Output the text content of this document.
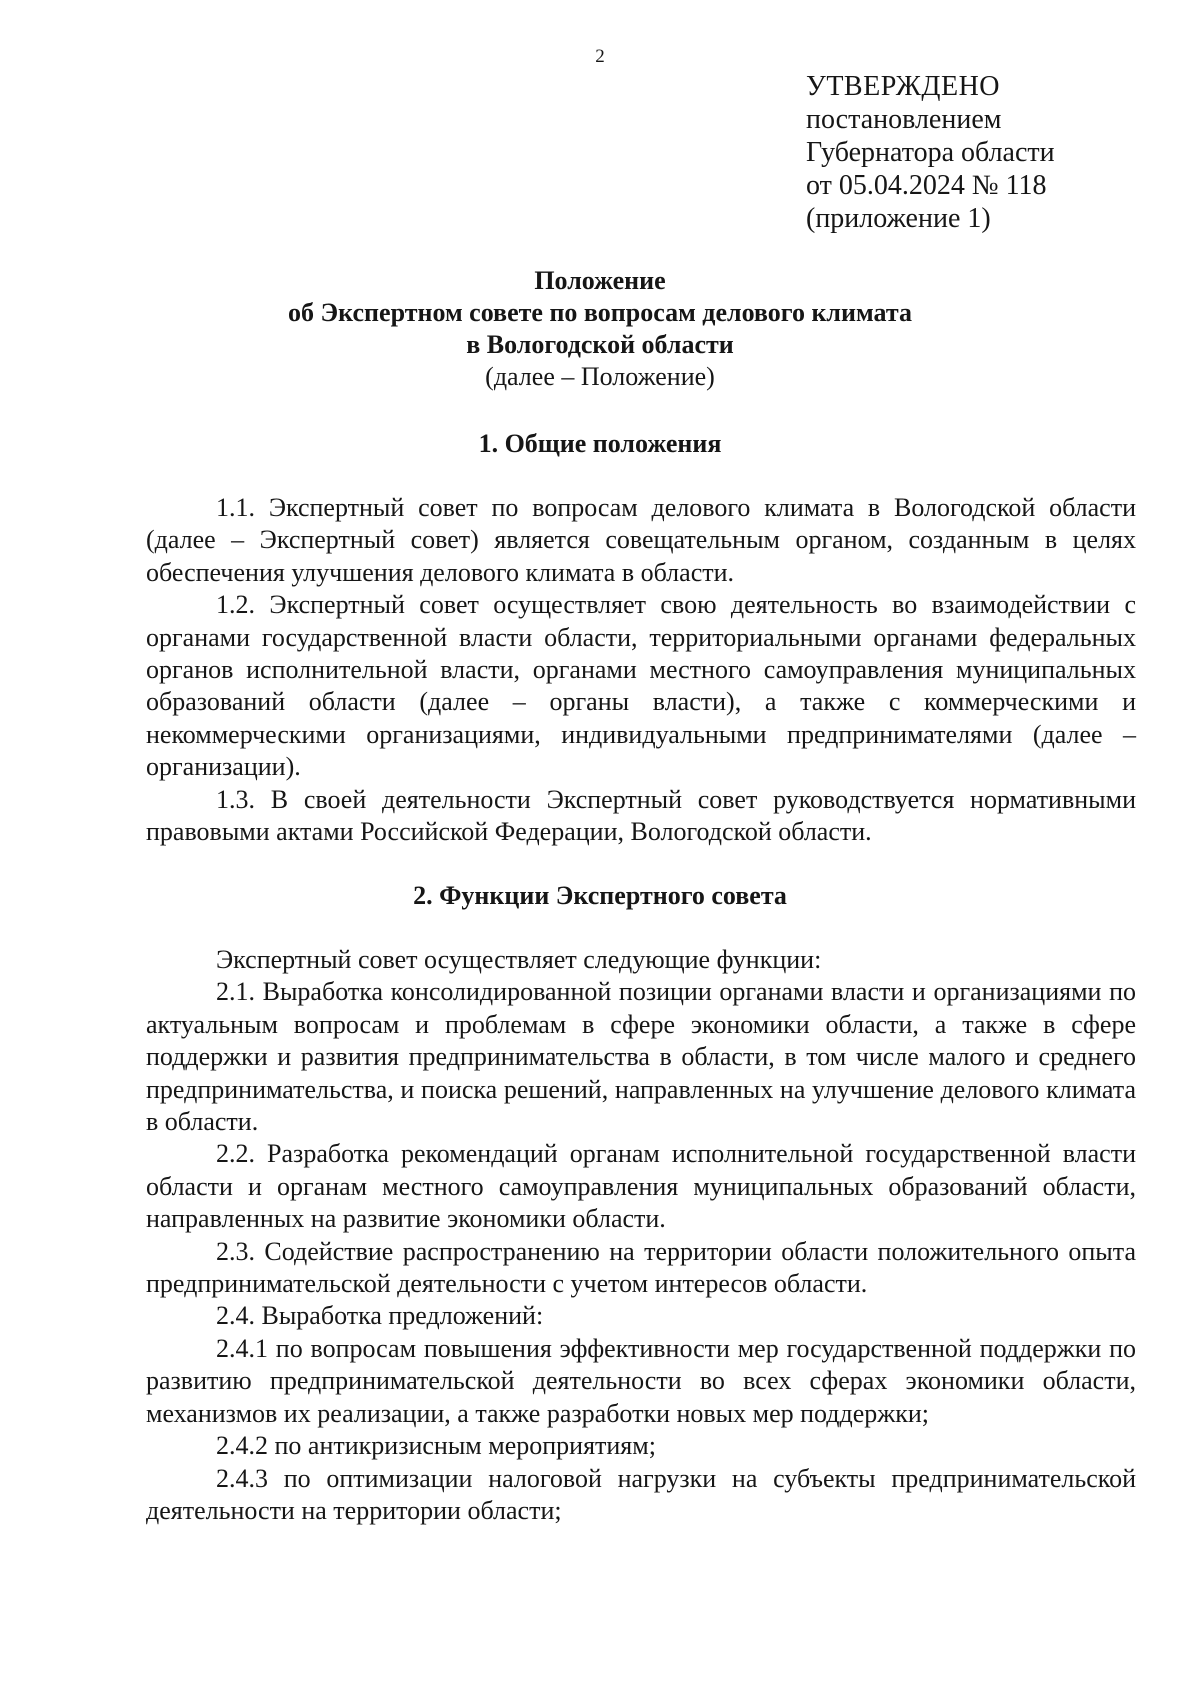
2
УТВЕРЖДЕНО
постановлением
Губернатора области
от 05.04.2024 № 118
(приложение 1)
Положение
об Экспертном совете по вопросам делового климата
в Вологодской области
(далее – Положение)
1. Общие положения

1.1. Экспертный совет по вопросам делового климата в Вологодской области (далее – Экспертный совет) является совещательным органом, созданным в целях обеспечения улучшения делового климата в области.

1.2. Экспертный совет осуществляет свою деятельность во взаимодействии с органами государственной власти области, территориальными органами федеральных органов исполнительной власти, органами местного самоуправления муниципальных образований области (далее – органы власти), а также с коммерческими и некоммерческими организациями, индивидуальными предпринимателями (далее – организации).

1.3. В своей деятельности Экспертный совет руководствуется нормативными правовыми актами Российской Федерации, Вологодской области.

2. Функции Экспертного совета

Экспертный совет осуществляет следующие функции:

2.1. Выработка консолидированной позиции органами власти и организациями по актуальным вопросам и проблемам в сфере экономики области, а также в сфере поддержки и развития предпринимательства в области, в том числе малого и среднего предпринимательства, и поиска решений, направленных на улучшение делового климата в области.

2.2. Разработка рекомендаций органам исполнительной государственной власти области и органам местного самоуправления муниципальных образований области, направленных на развитие экономики области.

2.3. Содействие распространению на территории области положительного опыта предпринимательской деятельности с учетом интересов области.

2.4. Выработка предложений:

2.4.1 по вопросам повышения эффективности мер государственной поддержки по развитию предпринимательской деятельности во всех сферах экономики области, механизмов их реализации, а также разработки новых мер поддержки;

2.4.2 по антикризисным мероприятиям;

2.4.3 по оптимизации налоговой нагрузки на субъекты предпринимательской деятельности на территории области;
